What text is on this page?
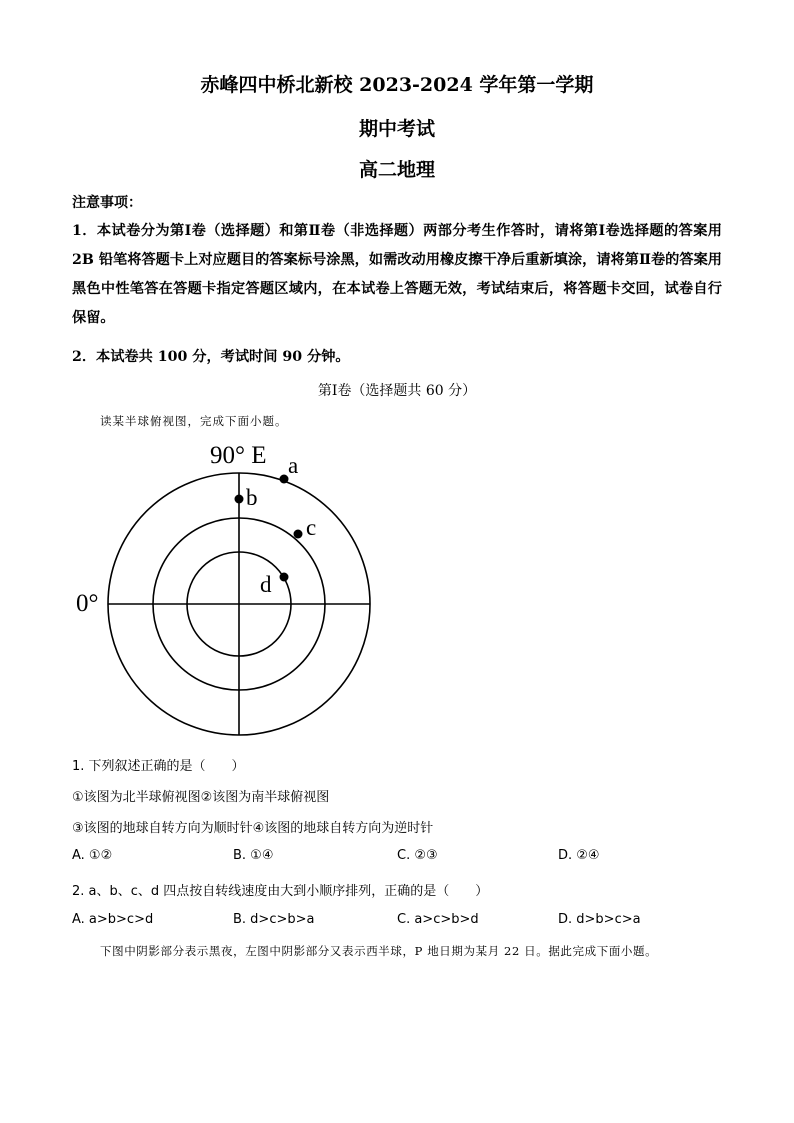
赤峰四中桥北新校 2023-2024 学年第一学期
期中考试
高二地理
注意事项：
1．本试卷分为第Ⅰ卷（选择题）和第Ⅱ卷（非选择题）两部分考生作答时，请将第Ⅰ卷选择题的答案用 2B 铅笔将答题卡上对应题目的答案标号涂黑，如需改动用橡皮擦干净后重新填涂，请将第Ⅱ卷的答案用黑色中性笔答在答题卡指定答题区域内，在本试卷上答题无效，考试结束后，将答题卡交回，试卷自行保留。
2．本试卷共 100 分，考试时间 90 分钟。
第Ⅰ卷（选择题共 60 分）
读某半球俯视图，完成下面小题。
90° E a
b
c
d
0°
1. 下列叙述正确的是（　　）
①该图为北半球俯视图②该图为南半球俯视图
③该图的地球自转方向为顺时针④该图的地球自转方向为逆时针
A. ①②	B. ①④	C. ②③	D. ②④
2. a、b、c、d 四点按自转线速度由大到小顺序排列，正确的是（　　）
A. a>b>c>d	B. d>c>b>a	C. a>c>b>d	D. d>b>c>a
下图中阴影部分表示黑夜，左图中阴影部分又表示西半球，P 地日期为某月 22 日。据此完成下面小题。
